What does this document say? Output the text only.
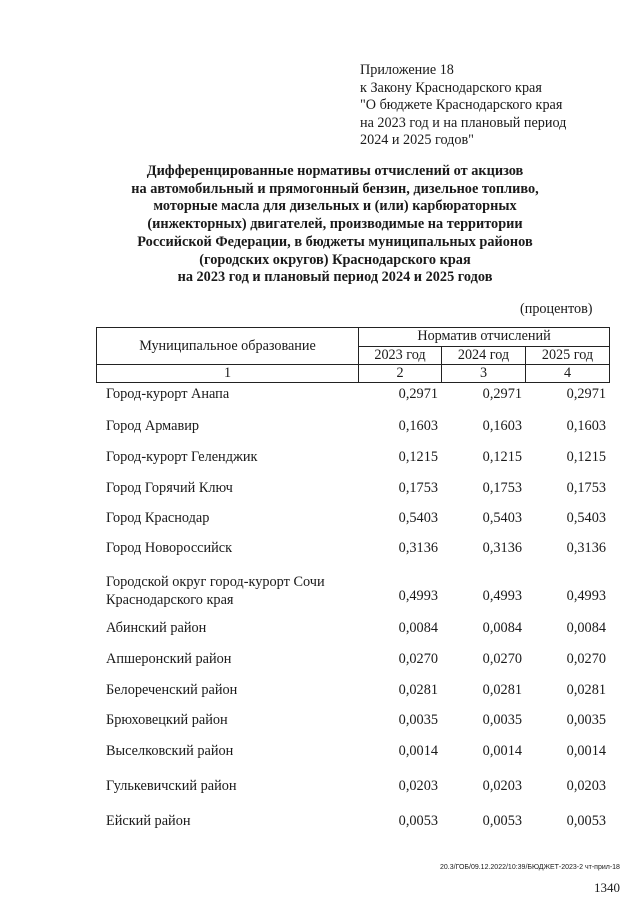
Приложение 18
к Закону Краснодарского края
"О бюджете Краснодарского края
на 2023 год и на плановый период
2024 и 2025 годов"
Дифференцированные нормативы отчислений от акцизов
на автомобильный и прямогонный бензин, дизельное топливо,
моторные масла для дизельных и (или) карбюраторных
(инжекторных) двигателей, производимые на территории
Российской Федерации, в бюджеты муниципальных районов
(городских округов) Краснодарского края
на 2023 год и плановый период 2024 и 2025 годов
(процентов)
Муниципальное образование	Норматив отчислений		
	2023 год	2024 год	2025 год
1	2	3	4
Город-курорт Анапа	0,2971	0,2971	0,2971
Город Армавир	0,1603	0,1603	0,1603
Город-курорт Геленджик	0,1215	0,1215	0,1215
Город Горячий Ключ	0,1753	0,1753	0,1753
Город Краснодар	0,5403	0,5403	0,5403
Город Новороссийск	0,3136	0,3136	0,3136
Городской округ город-курорт Сочи
Краснодарского края	0,4993	0,4993	0,4993
Абинский район	0,0084	0,0084	0,0084
Апшеронский район	0,0270	0,0270	0,0270
Белореченский район	0,0281	0,0281	0,0281
Брюховецкий район	0,0035	0,0035	0,0035
Выселковский район	0,0014	0,0014	0,0014
Гулькевичский район	0,0203	0,0203	0,0203
Ейский район	0,0053	0,0053	0,0053
20.3/ГОБ/09.12.2022/10:39/БЮДЖЕТ-2023-2 чт-прил-18
1340
